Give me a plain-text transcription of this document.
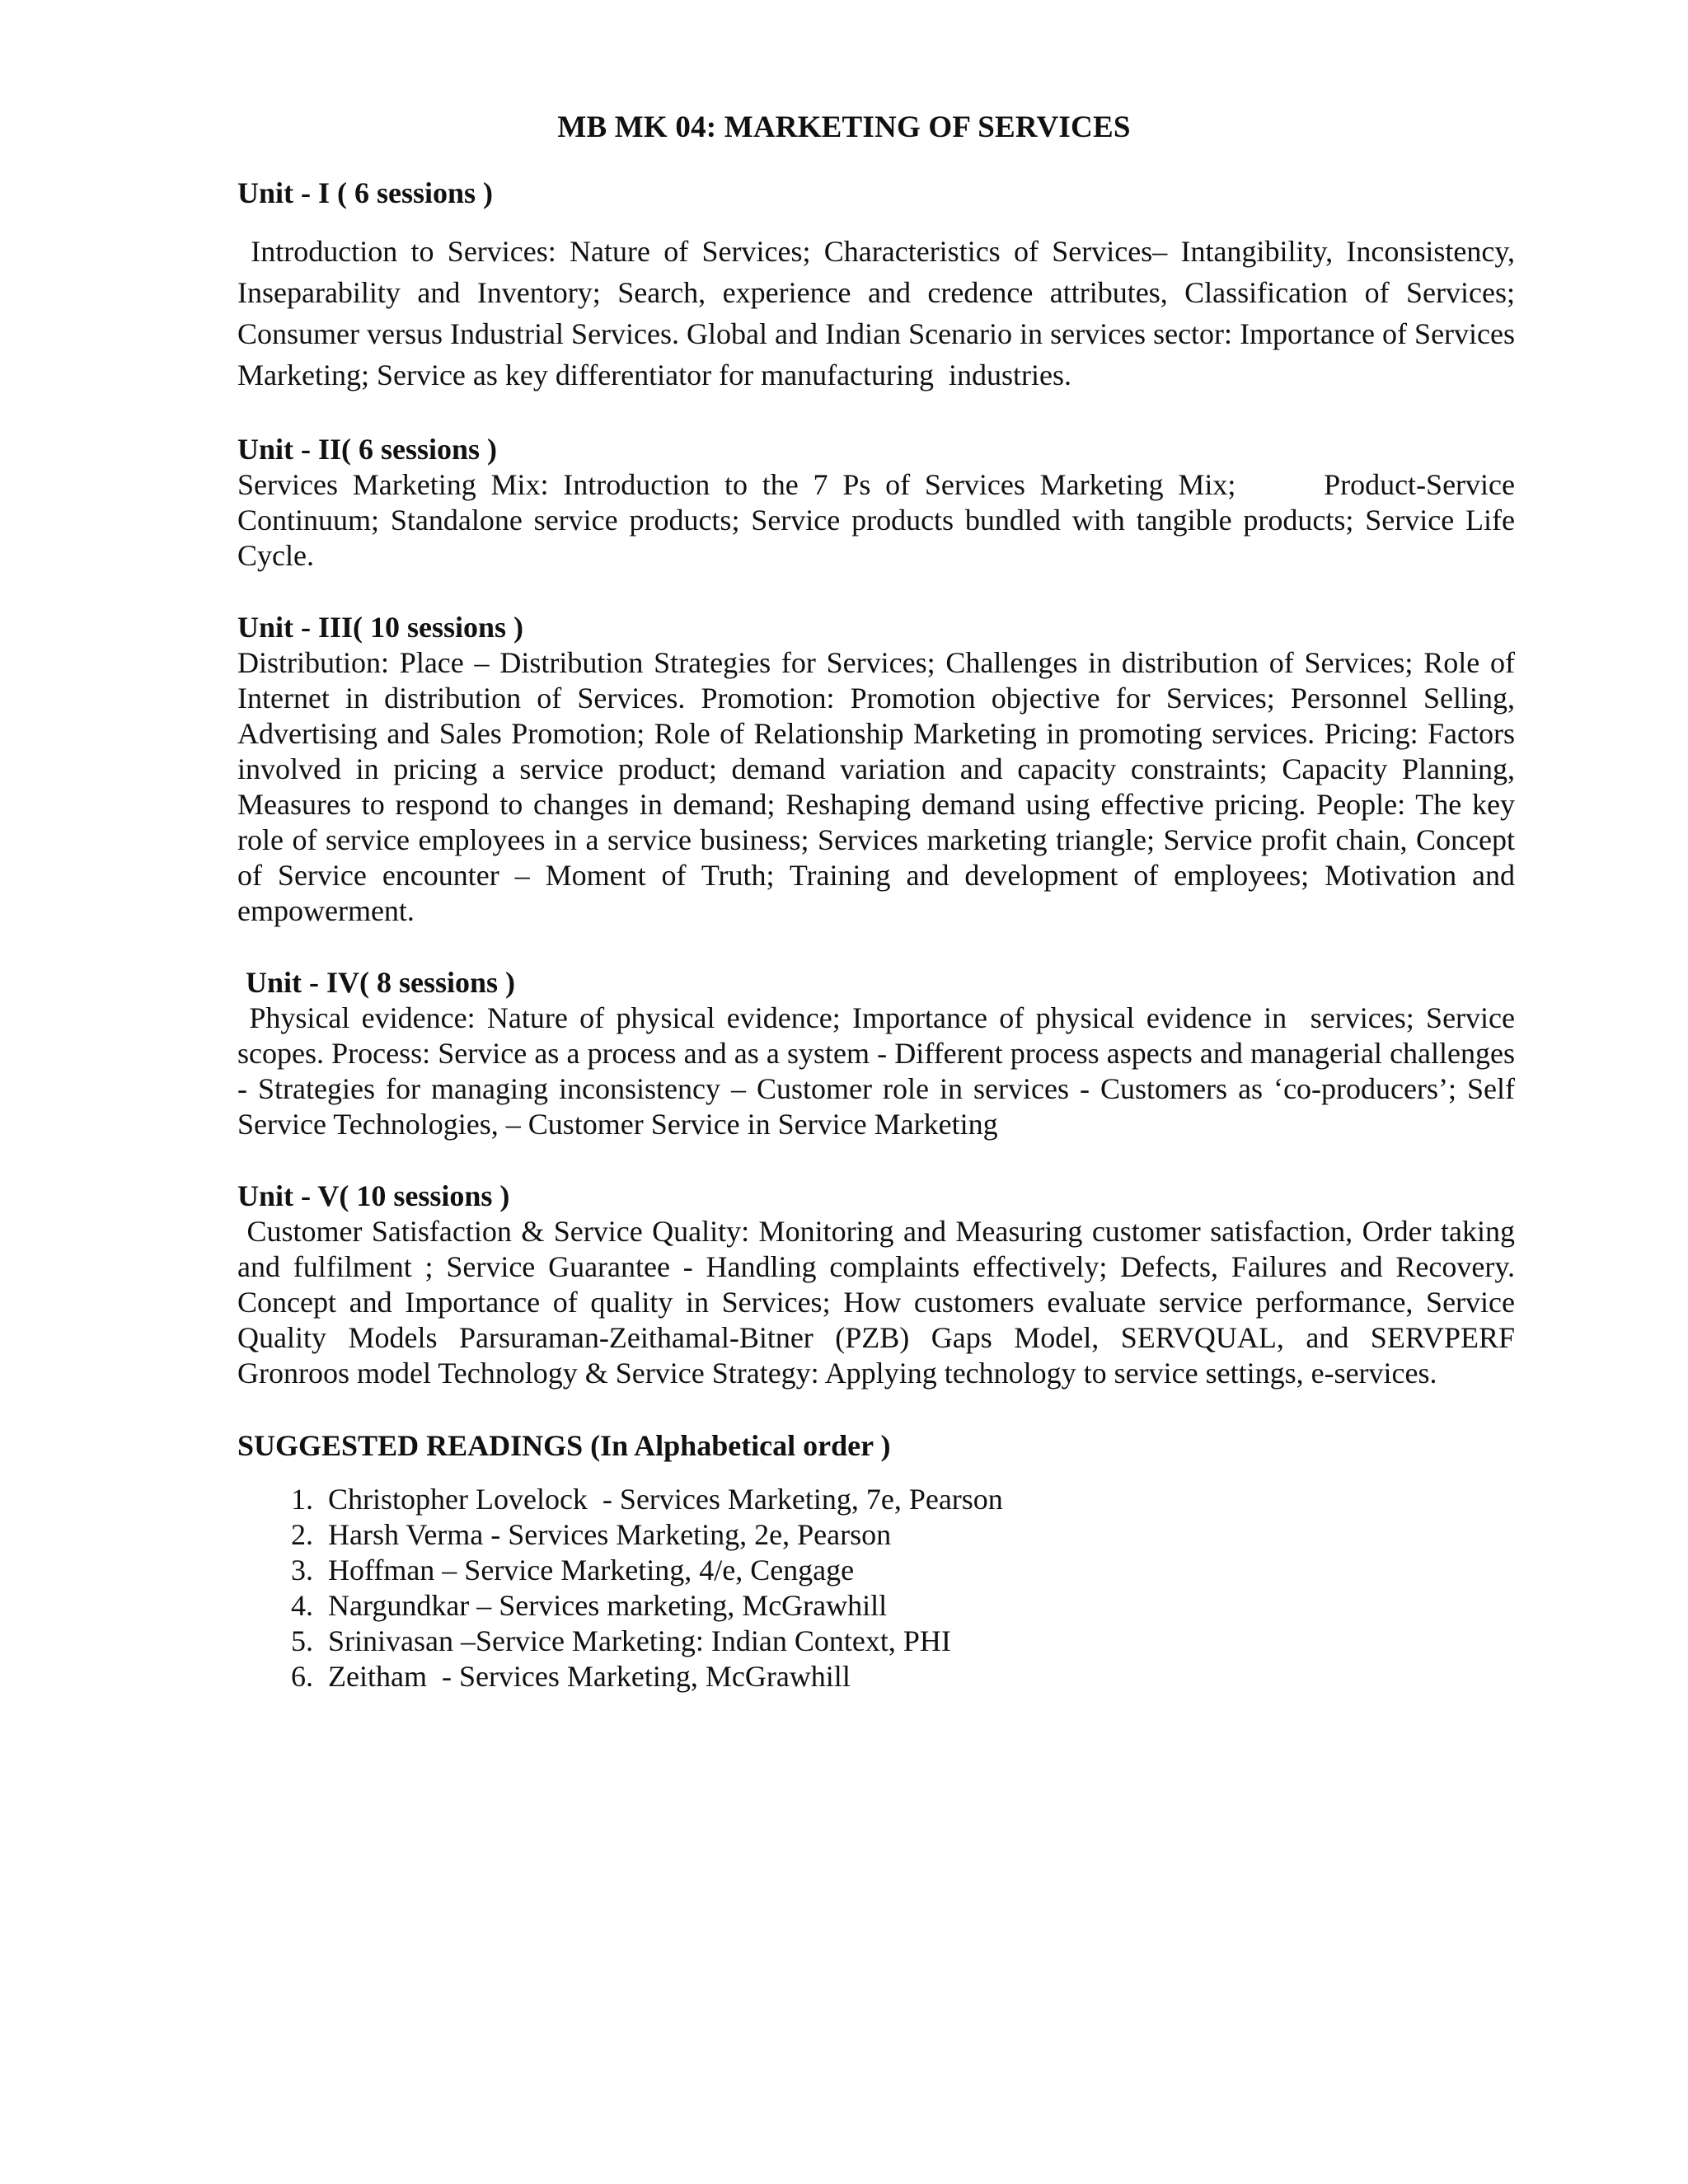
MB MK 04: MARKETING OF SERVICES

Unit - I ( 6 sessions )

Introduction to Services: Nature of Services; Characteristics of Services– Intangibility, Inconsistency, Inseparability and Inventory; Search, experience and credence attributes, Classification of Services; Consumer versus Industrial Services. Global and Indian Scenario in services sector: Importance of Services Marketing; Service as key differentiator for manufacturing  industries.

Unit - II( 6 sessions )

Services Marketing Mix: Introduction to the 7 Ps of Services Marketing Mix;      Product-Service Continuum; Standalone service products; Service products bundled with tangible products; Service Life Cycle.

Unit - III( 10 sessions )

Distribution: Place – Distribution Strategies for Services; Challenges in distribution of Services; Role of Internet in distribution of Services. Promotion: Promotion objective for Services; Personnel Selling, Advertising and Sales Promotion; Role of Relationship Marketing in promoting services. Pricing: Factors involved in pricing a service product; demand variation and capacity constraints; Capacity Planning, Measures to respond to changes in demand; Reshaping demand using effective pricing. People: The key role of service employees in a service business; Services marketing triangle; Service profit chain, Concept of Service encounter – Moment of Truth; Training and development of employees; Motivation and empowerment.

Unit - IV( 8 sessions )

Physical evidence: Nature of physical evidence; Importance of physical evidence in  services; Service scopes. Process: Service as a process and as a system - Different process aspects and managerial challenges - Strategies for managing inconsistency – Customer role in services - Customers as ‘co-producers’; Self Service Technologies, – Customer Service in Service Marketing

Unit - V( 10 sessions )

Customer Satisfaction & Service Quality: Monitoring and Measuring customer satisfaction, Order taking and fulfilment ; Service Guarantee - Handling complaints effectively; Defects, Failures and Recovery. Concept and Importance of quality in Services; How customers evaluate service performance, Service Quality Models Parsuraman-Zeithamal-Bitner (PZB) Gaps Model, SERVQUAL, and SERVPERF Gronroos model Technology & Service Strategy: Applying technology to service settings, e-services.

SUGGESTED READINGS (In Alphabetical order )

1. Christopher Lovelock  - Services Marketing, 7e, Pearson
2. Harsh Verma - Services Marketing, 2e, Pearson
3. Hoffman – Service Marketing, 4/e, Cengage
4. Nargundkar – Services marketing, McGrawhill
5. Srinivasan –Service Marketing: Indian Context, PHI
6. Zeitham  - Services Marketing, McGrawhill
